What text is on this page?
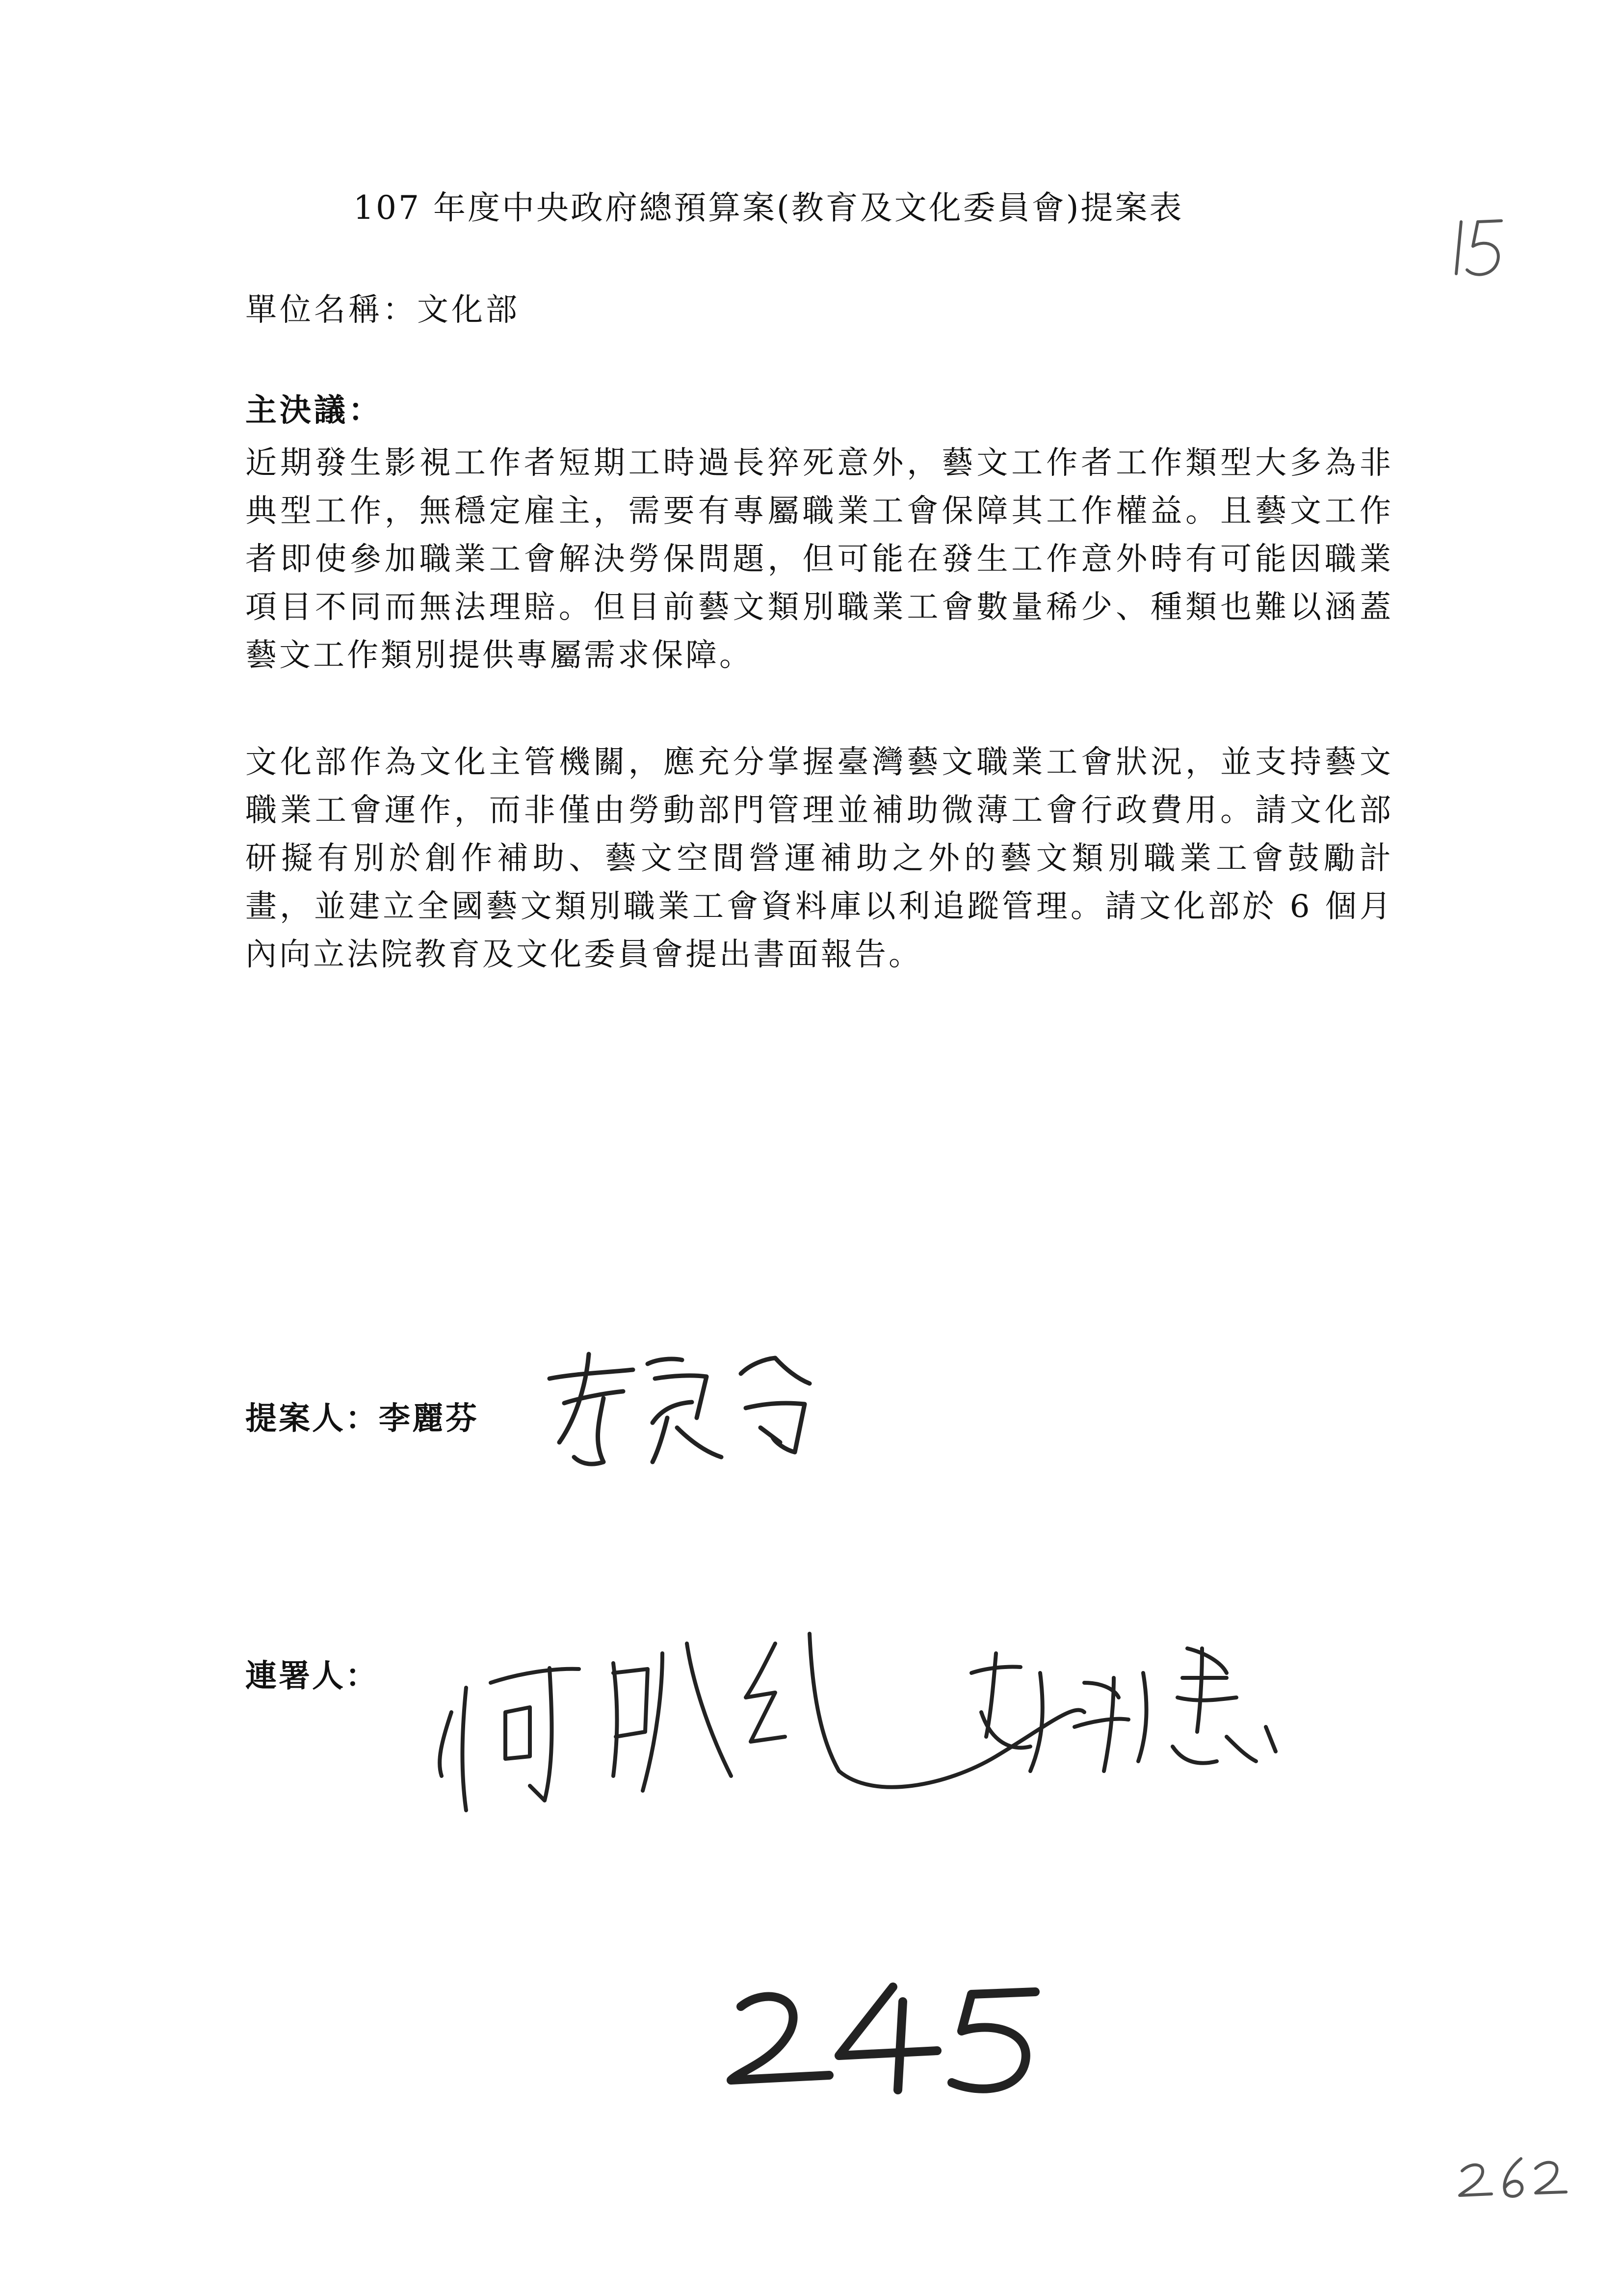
107 年度中央政府總預算案(教育及文化委員會)提案表
單位名稱：文化部
主決議：
近期發生影視工作者短期工時過長猝死意外，藝文工作者工作類型大多為非典型工作，無穩定雇主，需要有專屬職業工會保障其工作權益。且藝文工作者即使參加職業工會解決勞保問題，但可能在發生工作意外時有可能因職業項目不同而無法理賠。但目前藝文類別職業工會數量稀少、種類也難以涵蓋藝文工作類別提供專屬需求保障。
文化部作為文化主管機關，應充分掌握臺灣藝文職業工會狀況，並支持藝文職業工會運作，而非僅由勞動部門管理並補助微薄工會行政費用。請文化部研擬有別於創作補助、藝文空間營運補助之外的藝文類別職業工會鼓勵計畫，並建立全國藝文類別職業工會資料庫以利追蹤管理。請文化部於 6 個月內向立法院教育及文化委員會提出書面報告。
提案人：李麗芬
連署人：
